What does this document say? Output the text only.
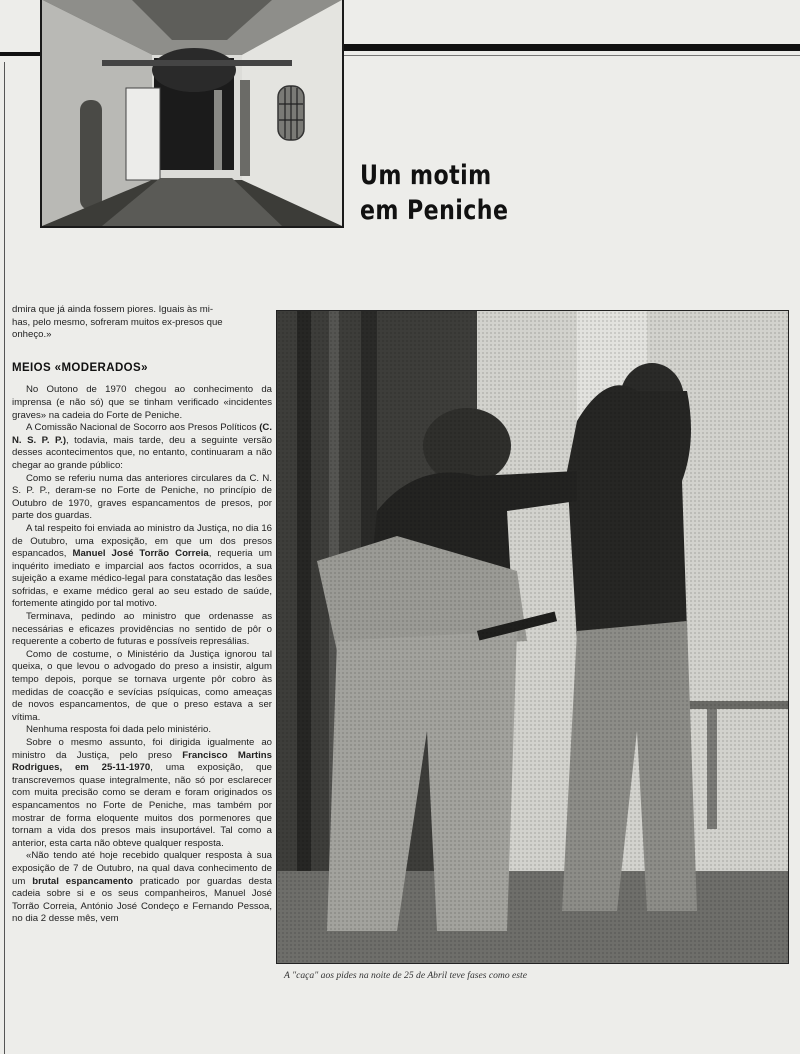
Um motim
em Peniche

dmira que já ainda fossem piores. Iguais às mi-

has, pelo mesmo, sofreram muitos ex-presos que

onheço.»

MEIOS «MODERADOS»

No Outono de 1970 chegou ao conhecimento da imprensa (e não só) que se tinham verificado «incidentes graves» na cadeia do Forte de Peniche.

A Comissão Nacional de Socorro aos Presos Políticos (C. N. S. P. P.), todavia, mais tarde, deu a seguinte versão desses acontecimentos que, no entanto, continuaram a não chegar ao grande público:

Como se referiu numa das anteriores circulares da C. N. S. P. P., deram-se no Forte de Peniche, no princípio de Outubro de 1970, graves espancamentos de presos, por parte dos guardas.

A tal respeito foi enviada ao ministro da Justiça, no dia 16 de Outubro, uma exposição, em que um dos presos espancados, Manuel José Torrão Correia, requeria um inquérito imediato e imparcial aos factos ocorridos, a sua sujeição a exame médico-legal para constatação das lesões sofridas, e exame médico geral ao seu estado de saúde, fortemente atingido por tal motivo.

Terminava, pedindo ao ministro que ordenasse as necessárias e eficazes providências no sentido de pôr o requerente a coberto de futuras e possíveis represálias.

Como de costume, o Ministério da Justiça ignorou tal queixa, o que levou o advogado do preso a insistir, algum tempo depois, porque se tornava urgente pôr cobro às medidas de coacção e sevícias psíquicas, como ameaças de novos espancamentos, de que o preso estava a ser vítima.

Nenhuma resposta foi dada pelo ministério.

Sobre o mesmo assunto, foi dirigida igualmente ao ministro da Justiça, pelo preso Francisco Martins Rodrigues, em 25-11-1970, uma exposição, que transcrevemos quase integralmente, não só por esclarecer com muita precisão como se deram e foram originados os espancamentos no Forte de Peniche, mas também por mostrar de forma eloquente muitos dos pormenores que tornam a vida dos presos mais insuportável. Tal como a anterior, esta carta não obteve qualquer resposta.

«Não tendo até hoje recebido qualquer resposta à sua exposição de 7 de Outubro, na qual dava conhecimento de um brutal espancamento praticado por guardas desta cadeia sobre si e os seus companheiros, Manuel José Torrão Correia, António José Condeço e Fernando Pessoa, no dia 2 desse mês, vem

A "caça" aos pides na noite de 25 de Abril teve fases como este
